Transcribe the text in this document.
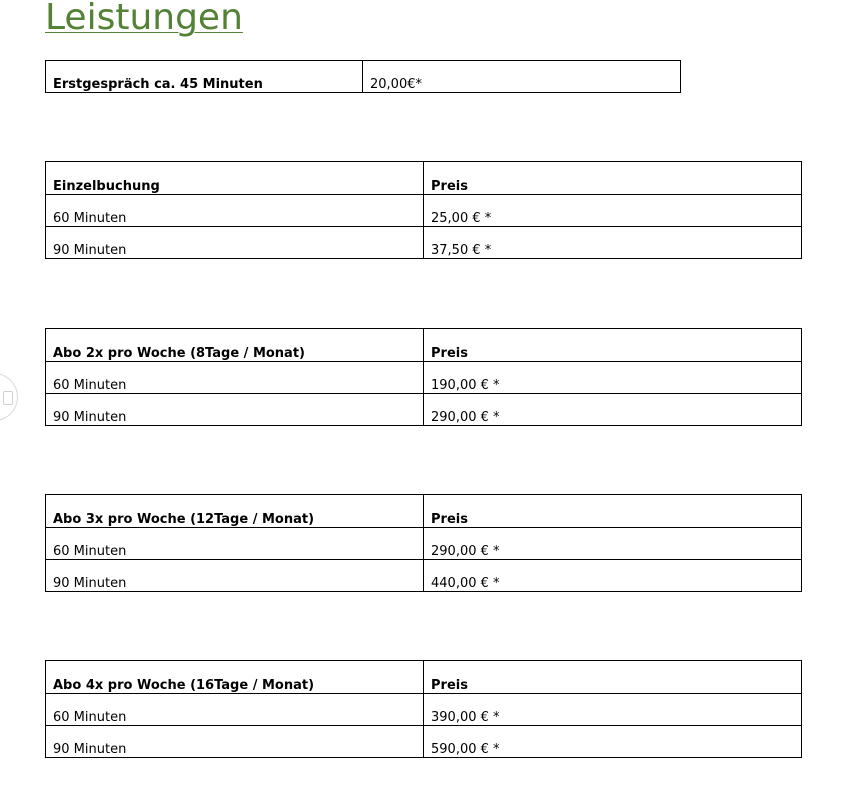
Leistungen
Erstgespräch ca. 45 Minuten	20,00€*
Einzelbuchung	Preis
60 Minuten	25,00 € *
90 Minuten	37,50 € *
Abo 2x pro Woche (8Tage / Monat)	Preis
60 Minuten	190,00 € *
90 Minuten	290,00 € *
Abo 3x pro Woche (12Tage / Monat)	Preis
60 Minuten	290,00 € *
90 Minuten	440,00 € *
Abo 4x pro Woche (16Tage / Monat)	Preis
60 Minuten	390,00 € *
90 Minuten	590,00 € *
